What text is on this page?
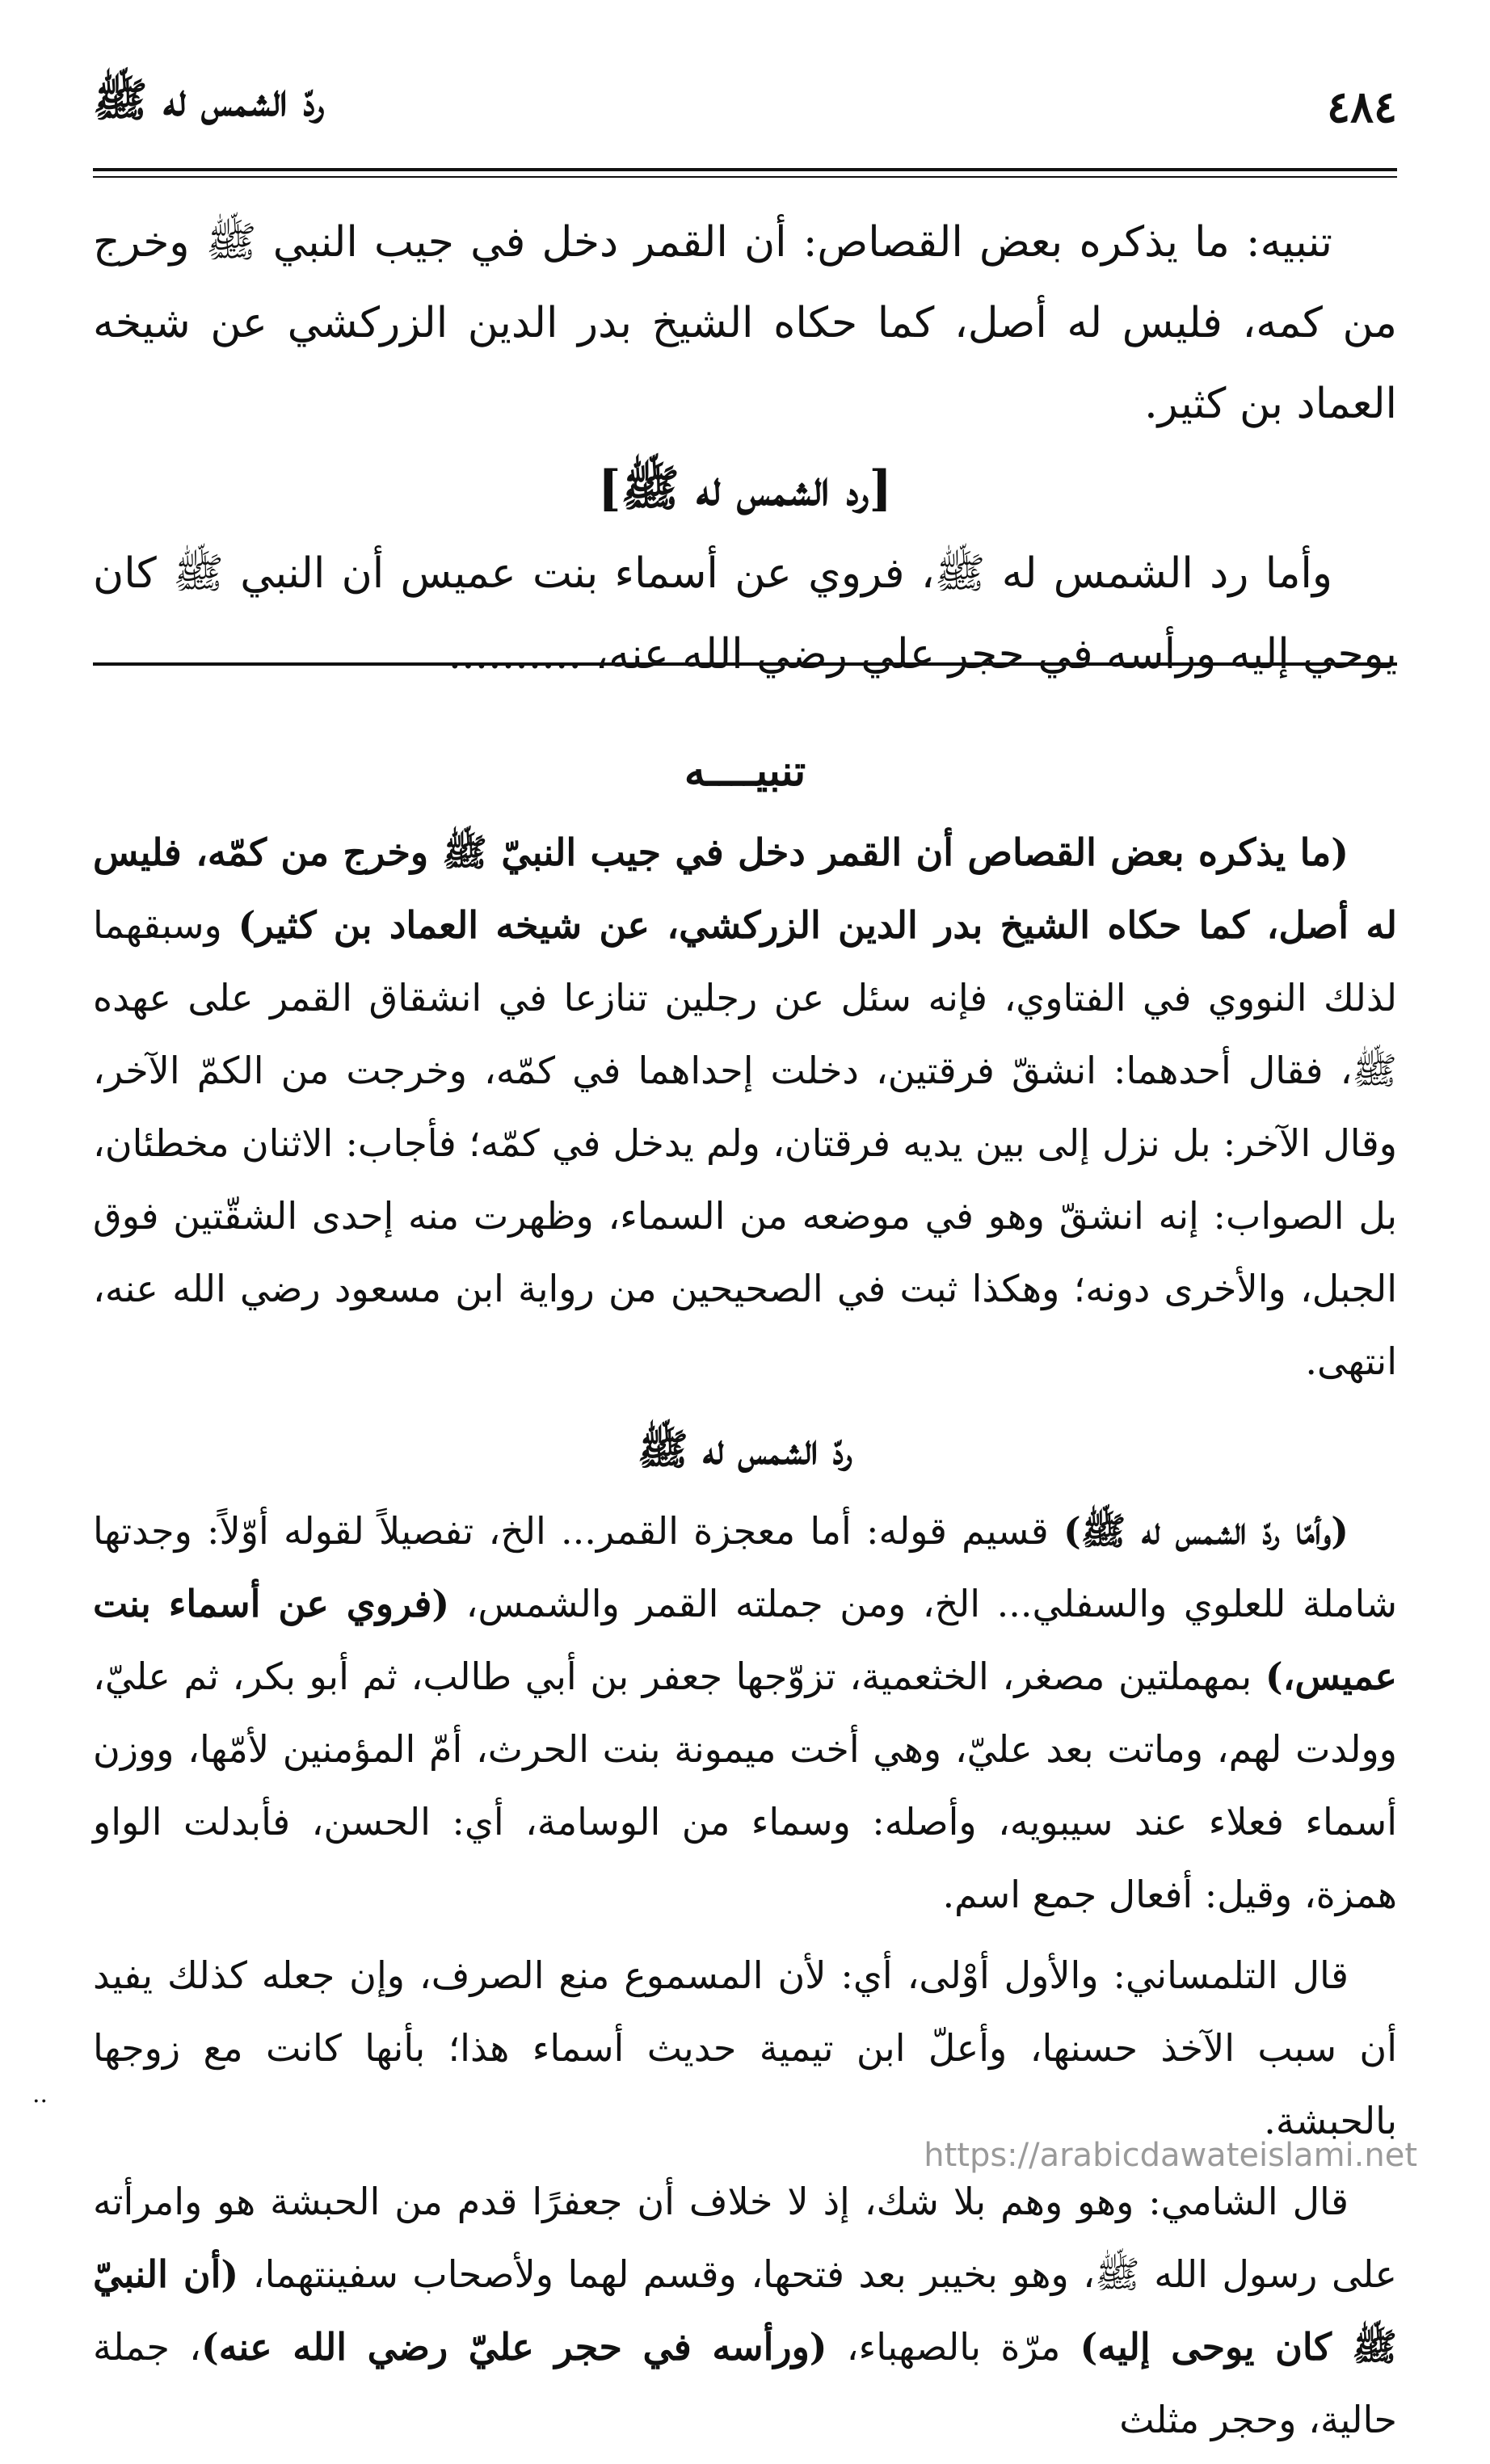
٤٨٤
ردّ الشمس له ﷺ

تنبيه: ما يذكره بعض القصاص: أن القمر دخل في جيب النبي ﷺ وخرج من كمه، فليس له أصل، كما حكاه الشيخ بدر الدين الزركشي عن شيخه العماد بن كثير.

[رد الشمس له ﷺ]

وأما رد الشمس له ﷺ، فروي عن أسماء بنت عميس أن النبي ﷺ كان يوحي إليه ورأسه في حجر علي رضي الله عنه، ..........

تنبيــــه

(ما يذكره بعض القصاص أن القمر دخل في جيب النبيّ ﷺ وخرج من كمّه، فليس له أصل، كما حكاه الشيخ بدر الدين الزركشي، عن شيخه العماد بن كثير) وسبقهما لذلك النووي في الفتاوي، فإنه سئل عن رجلين تنازعا في انشقاق القمر على عهده ﷺ، فقال أحدهما: انشقّ فرقتين، دخلت إحداهما في كمّه، وخرجت من الكمّ الآخر، وقال الآخر: بل نزل إلى بين يديه فرقتان، ولم يدخل في كمّه؛ فأجاب: الاثنان مخطئان، بل الصواب: إنه انشقّ وهو في موضعه من السماء، وظهرت منه إحدى الشقّتين فوق الجبل، والأخرى دونه؛ وهكذا ثبت في الصحيحين من رواية ابن مسعود رضي الله عنه، انتهى.

ردّ الشمس له ﷺ

(وأمّا ردّ الشمس له ﷺ) قسيم قوله: أما معجزة القمر... الخ، تفصيلاً لقوله أوّلاً: وجدتها شاملة للعلوي والسفلي... الخ، ومن جملته القمر والشمس، (فروي عن أسماء بنت عميس،) بمهملتين مصغر، الخثعمية، تزوّجها جعفر بن أبي طالب، ثم أبو بكر، ثم عليّ، وولدت لهم، وماتت بعد عليّ، وهي أخت ميمونة بنت الحرث، أمّ المؤمنين لأمّها، ووزن أسماء فعلاء عند سيبويه، وأصله: وسماء من الوسامة، أي: الحسن، فأبدلت الواو همزة، وقيل: أفعال جمع اسم.

قال التلمساني: والأول أوْلى، أي: لأن المسموع منع الصرف، وإن جعله كذلك يفيد أن سبب الآخذ حسنها، وأعلّ ابن تيمية حديث أسماء هذا؛ بأنها كانت مع زوجها بالحبشة.

قال الشامي: وهو وهم بلا شك، إذ لا خلاف أن جعفرًا قدم من الحبشة هو وامرأته على رسول الله ﷺ، وهو بخيبر بعد فتحها، وقسم لهما ولأصحاب سفينتهما، (أن النبيّ ﷺ كان يوحى إليه) مرّة بالصهباء، (ورأسه في حجر عليّ رضي الله عنه)، جملة حالية، وحجر مثلث

..
https://arabicdawateislami.net
